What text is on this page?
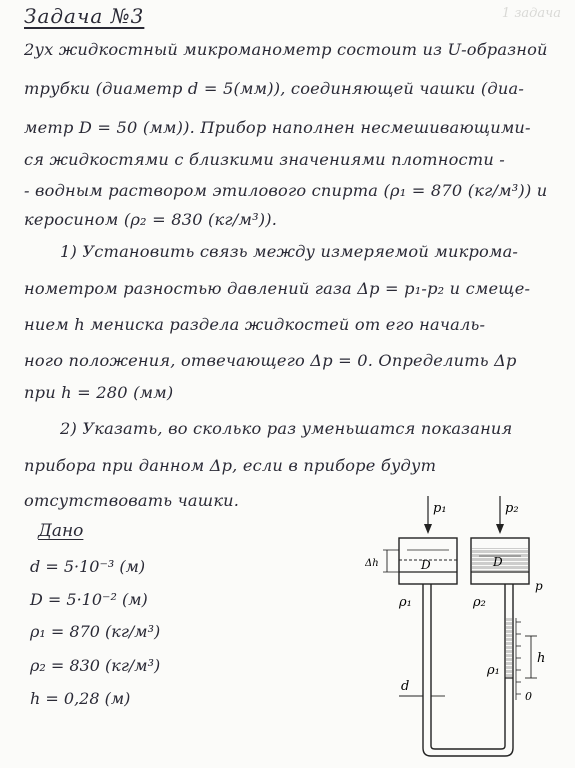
1 задача
Задача №3
2ух жидкостный микроманометр состоит из U-образной
трубки (диаметр d = 5(мм)), соединяющей чашки (диа-
метр D = 50 (мм)). Прибор наполнен несмешивающими-
ся жидкостями с близкими значениями плотности -
- водным раствором этилового спирта (ρ₁ = 870 (кг/м³)) и
керосином (ρ₂ = 830 (кг/м³)).
1) Установить связь между измеряемой микрома-
нометром разностью давлений газа Δp = p₁-p₂ и смеще-
нием h мениска раздела жидкостей от его началь-
ного положения, отвечающего Δp = 0. Определить Δp
при h = 280 (мм)
2) Указать, во сколько раз уменьшатся показания
прибора при данном Δp, если в приборе будут
отсутствовать чашки.
Дано
d = 5·10⁻³ (м)
D = 5·10⁻² (м)
ρ₁ = 870 (кг/м³)
ρ₂ = 830 (кг/м³)
h = 0,28 (м)
p₁	p₂
D	D
ρ₁	ρ₂
ρ₁
h
d
0
Δh
p
